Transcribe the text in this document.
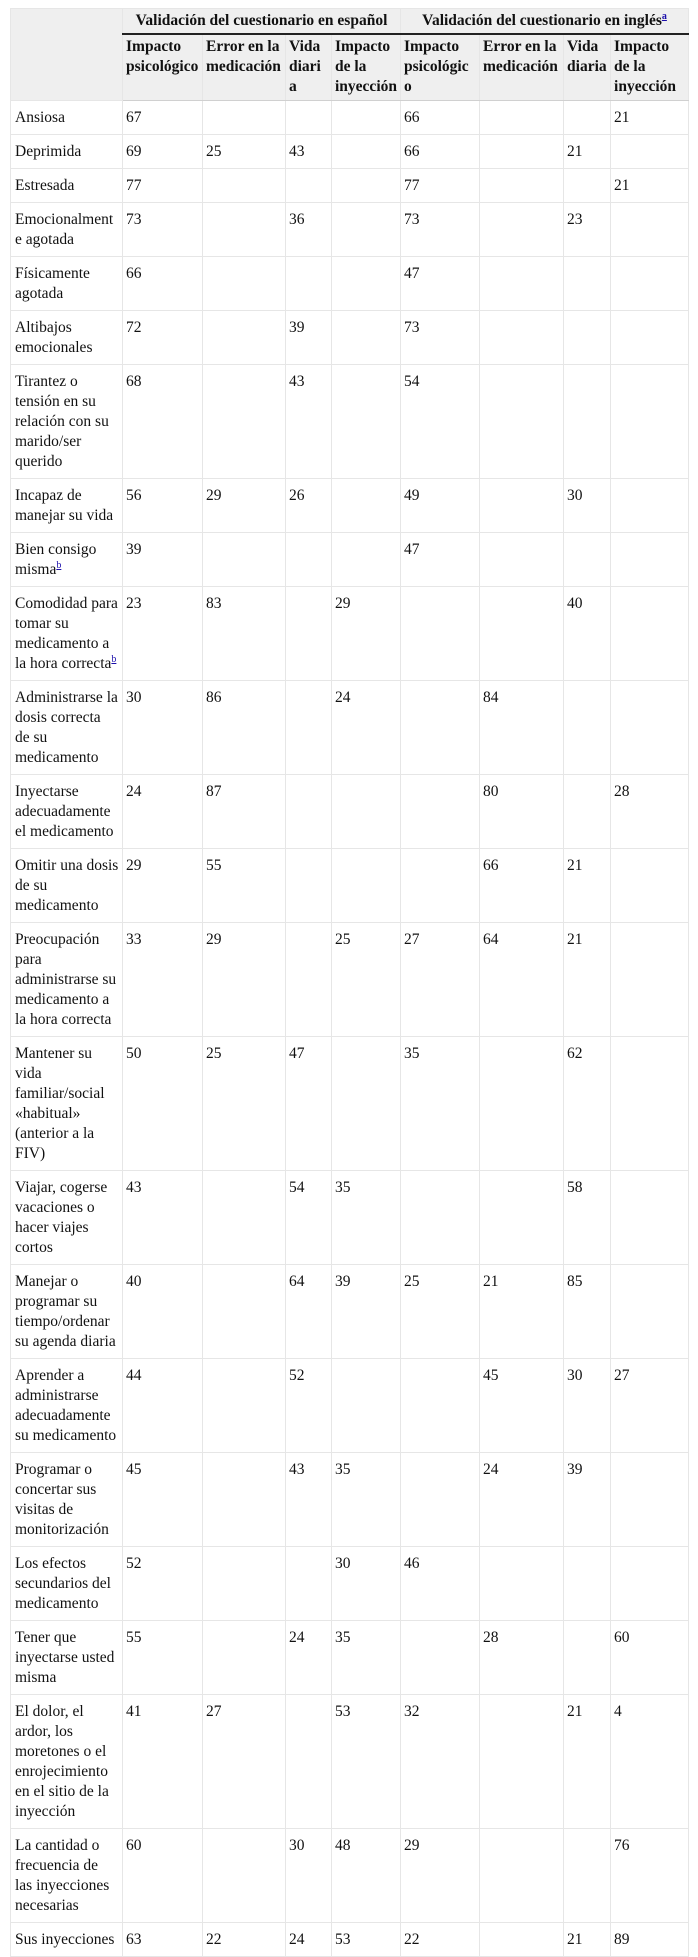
	Validación del cuestionario en español				Validación del cuestionario en inglés$^a$
	Impacto psicológico	Error en la medicación	Vida diaria	Impacto de la inyección	Impacto psicológico	Error en la medicación	Vida diaria	Impacto de la inyección
Ansiosa	67				66			21
Deprimida	69	25	43		66		21	
Estresada	77				77			21
Emocionalmente agotada	73		36		73		23	
Físicamente agotada	66				47			
Altibajos emocionales	72		39		73			
Tirantez o tensión en su relación con su marido/ser querido	68		43		54			
Incapaz de manejar su vida	56	29	26		49		30	
Bien consigo misma$^b$	39				47			
Comodidad para tomar su medicamento a la hora correcta$^b$	23	83		29			40	
Administrarse la dosis correcta de su medicamento	30	86		24		84		
Inyectarse adecuadamente el medicamento	24	87				80		28
Omitir una dosis de su medicamento	29	55				66	21	
Preocupación para administrarse su medicamento a la hora correcta	33	29		25	27	64	21	
Mantener su vida familiar/social «habitual» (anterior a la FIV)	50	25	47		35		62	
Viajar, cogerse vacaciones o hacer viajes cortos	43		54	35			58	
Manejar o programar su tiempo/ordenar su agenda diaria	40		64	39	25	21	85	
Aprender a administrarse adecuadamente su medicamento	44		52			45	30	27
Programar o concertar sus visitas de monitorización	45		43	35		24	39	
Los efectos secundarios del medicamento	52			30	46			
Tener que inyectarse usted misma	55		24	35		28		60
El dolor, el ardor, los moretones o el enrojecimiento en el sitio de la inyección	41	27		53	32		21	4
La cantidad o frecuencia de las inyecciones necesarias	60		30	48	29			76
Sus inyecciones	63	22	24	53	22		21	89
